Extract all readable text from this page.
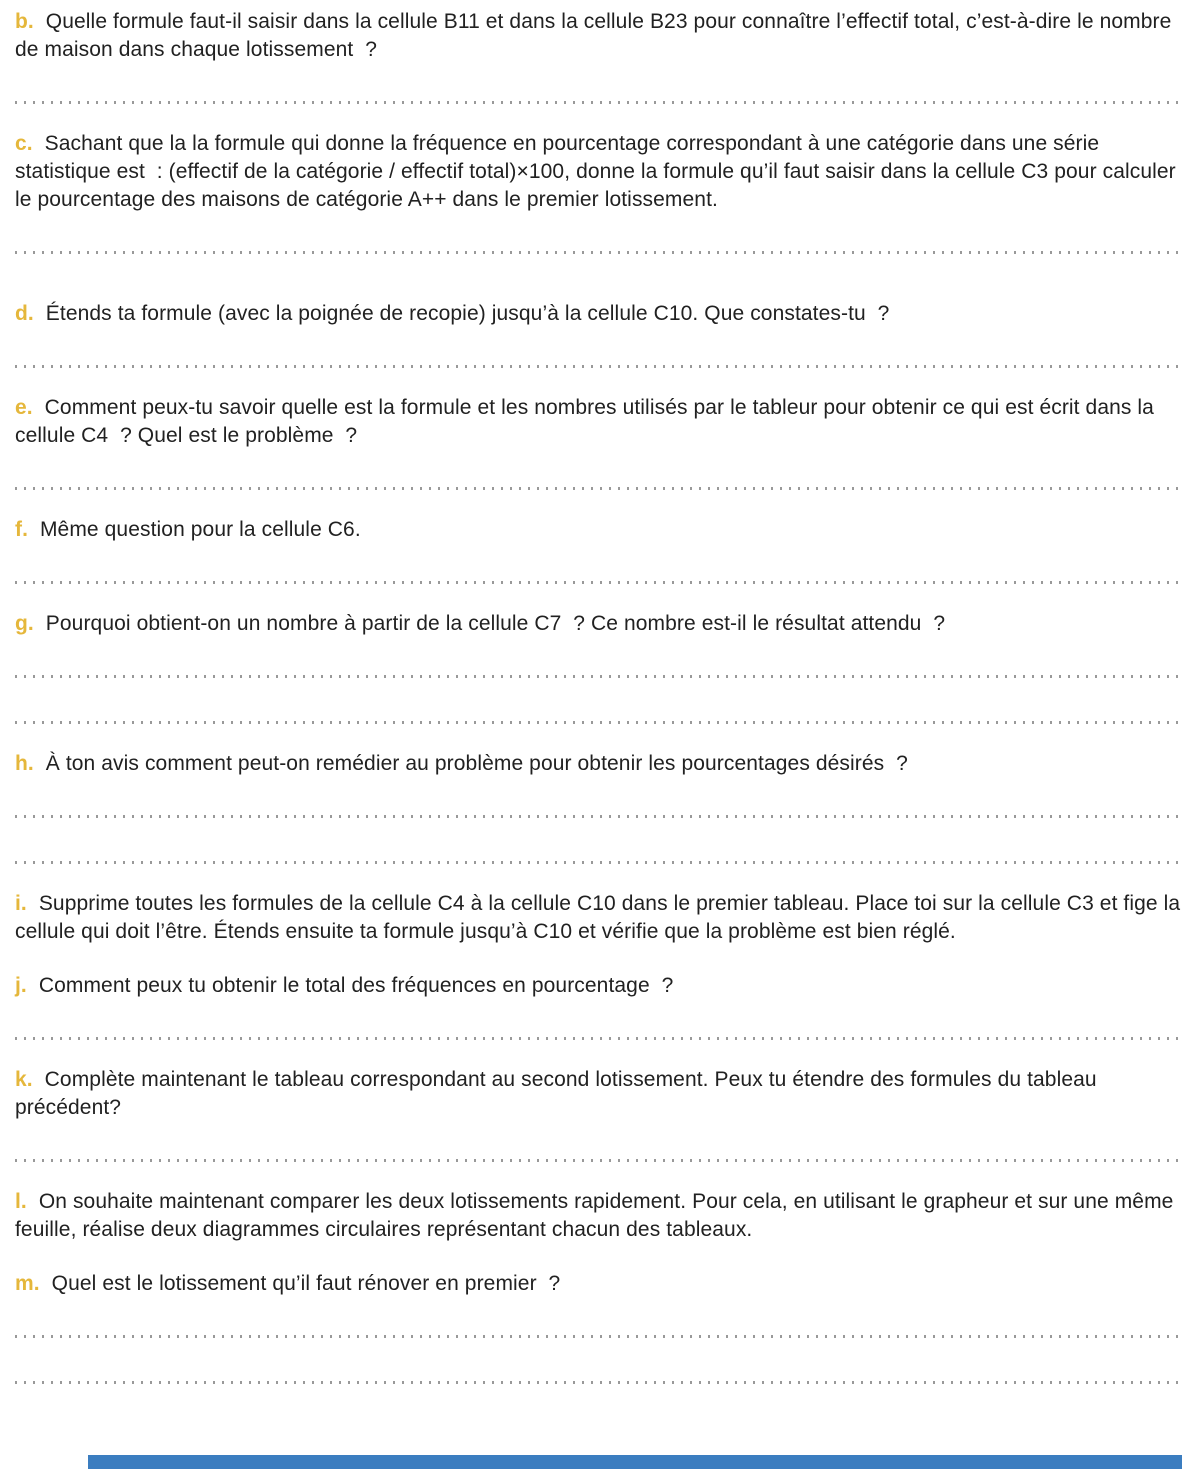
b. Quelle formule faut-il saisir dans la cellule B11 et dans la cellule B23 pour connaître l’effectif total, c’est-à-dire le nombre de maison dans chaque lotissement  ?

c. Sachant que la la formule qui donne la fréquence en pourcentage correspondant à une catégorie dans une série statistique est  : (effectif de la catégorie / effectif total)×100, donne la formule qu’il faut saisir dans la cellule C3 pour calculer le pourcentage des maisons de catégorie A++ dans le premier lotissement.

d. Étends ta formule (avec la poignée de recopie) jusqu’à la cellule C10. Que constates-tu  ?

e. Comment peux-tu savoir quelle est la formule et les nombres utilisés par le tableur pour obtenir ce qui est écrit dans la cellule C4  ? Quel est le problème  ?

f. Même question pour la cellule C6.

g. Pourquoi obtient-on un nombre à partir de la cellule C7  ? Ce nombre est-il le résultat attendu  ?

h. À ton avis comment peut-on remédier au problème pour obtenir les pourcentages désirés  ?

i. Supprime toutes les formules de la cellule C4 à la cellule C10 dans le premier tableau. Place toi sur la cellule C3 et fige la cellule qui doit l’être. Étends ensuite ta formule jusqu’à C10 et vérifie que la problème est bien réglé.

j. Comment peux tu obtenir le total des fréquences en pourcentage  ?

k. Complète maintenant le tableau correspondant au second lotissement. Peux tu étendre des formules du tableau précédent?

l. On souhaite maintenant comparer les deux lotissements rapidement. Pour cela, en utilisant le grapheur et sur une même feuille, réalise deux diagrammes circulaires représentant chacun des tableaux.

m. Quel est le lotissement qu’il faut rénover en premier  ?
